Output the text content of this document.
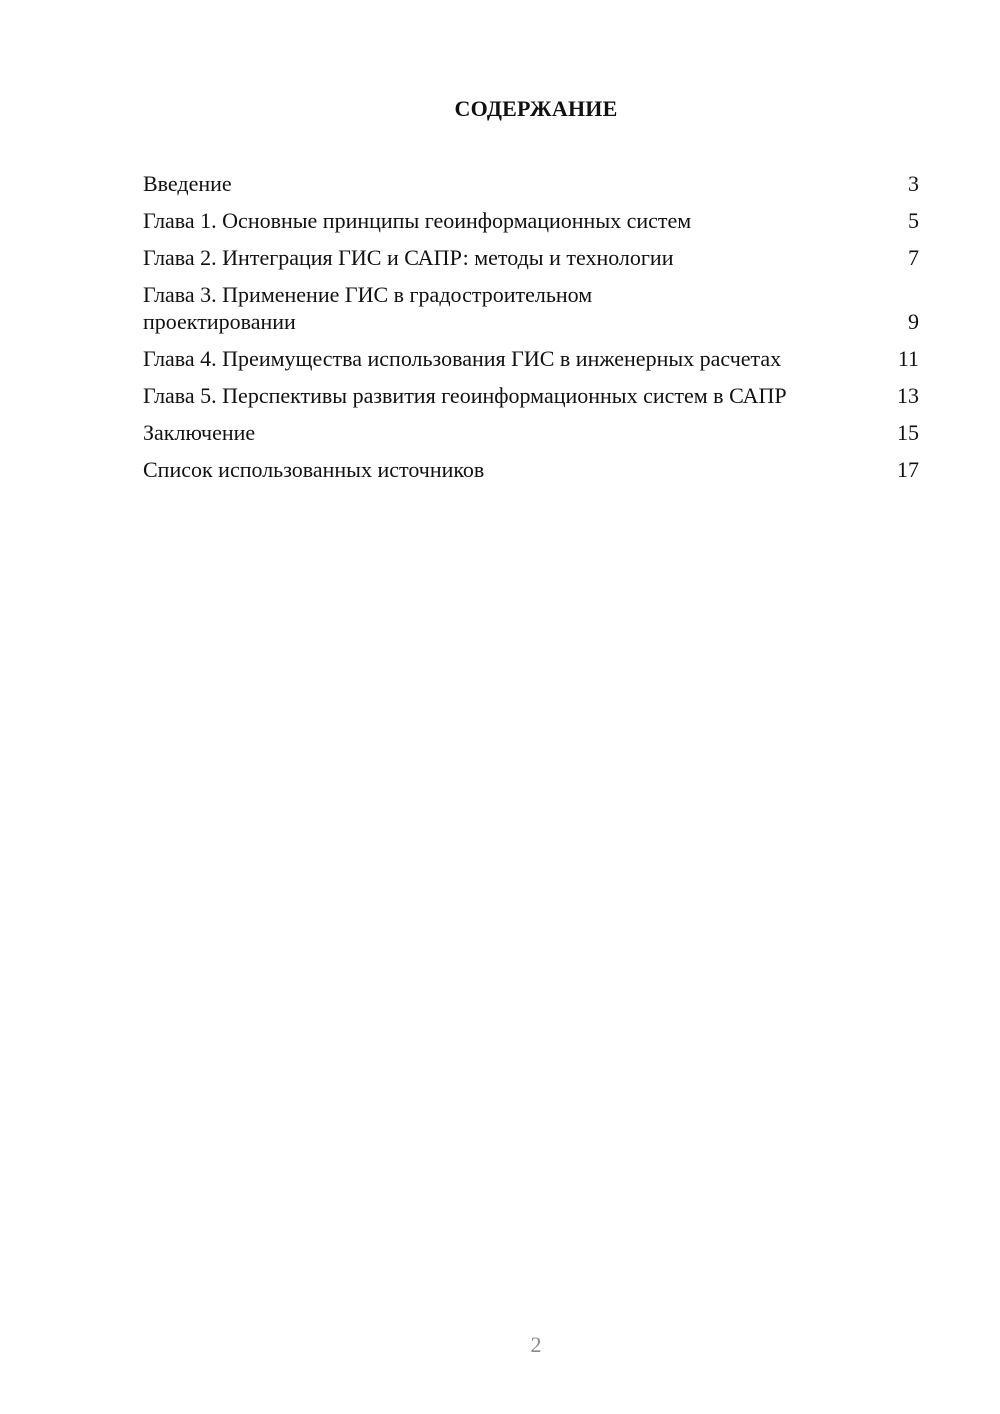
СОДЕРЖАНИЕ
Введение	3
Глава 1. Основные принципы геоинформационных систем	5
Глава 2. Интеграция ГИС и САПР: методы и технологии	7
Глава 3. Применение ГИС в градостроительном проектировании	9
Глава 4. Преимущества использования ГИС в инженерных расчетах	11
Глава 5. Перспективы развития геоинформационных систем в САПР	13
Заключение	15
Список использованных источников	17
2
